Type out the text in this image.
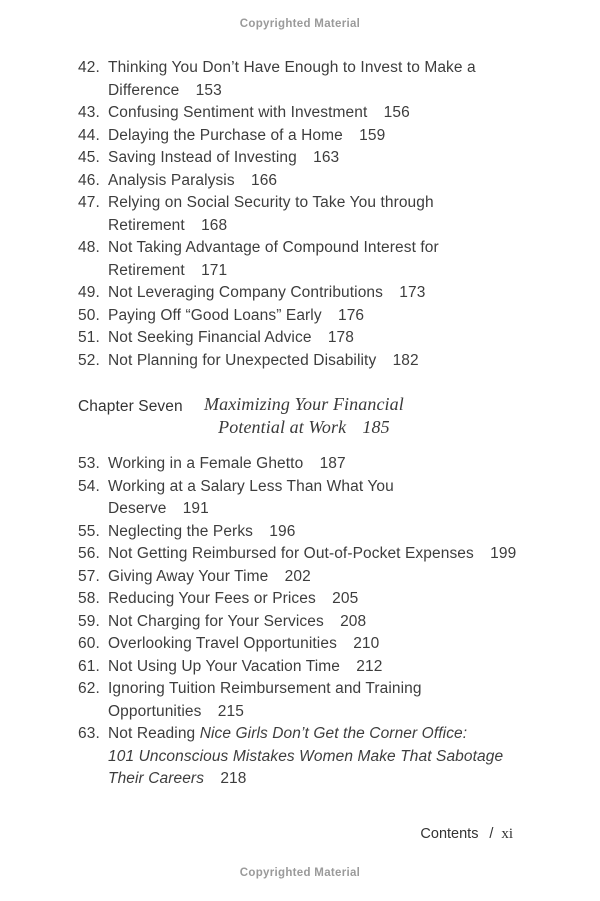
Copyrighted Material
42. Thinking You Don’t Have Enough to Invest to Make a
Difference 153
43. Confusing Sentiment with Investment 156
44. Delaying the Purchase of a Home 159
45. Saving Instead of Investing 163
46. Analysis Paralysis 166
47. Relying on Social Security to Take You through
Retirement 168
48. Not Taking Advantage of Compound Interest for
Retirement 171
49. Not Leveraging Company Contributions 173
50. Paying Off “Good Loans” Early 176
51. Not Seeking Financial Advice 178
52. Not Planning for Unexpected Disability 182
Chapter Seven	Maximizing Your Financial
Potential at Work 185
53. Working in a Female Ghetto 187
54. Working at a Salary Less Than What You
Deserve 191
55. Neglecting the Perks 196
56. Not Getting Reimbursed for Out-of-Pocket Expenses 199
57. Giving Away Your Time 202
58. Reducing Your Fees or Prices 205
59. Not Charging for Your Services 208
60. Overlooking Travel Opportunities 210
61. Not Using Up Your Vacation Time 212
62. Ignoring Tuition Reimbursement and Training
Opportunities 215
63. Not Reading Nice Girls Don’t Get the Corner Office:
101 Unconscious Mistakes Women Make That Sabotage
Their Careers 218
Contents / xi
Copyrighted Material
